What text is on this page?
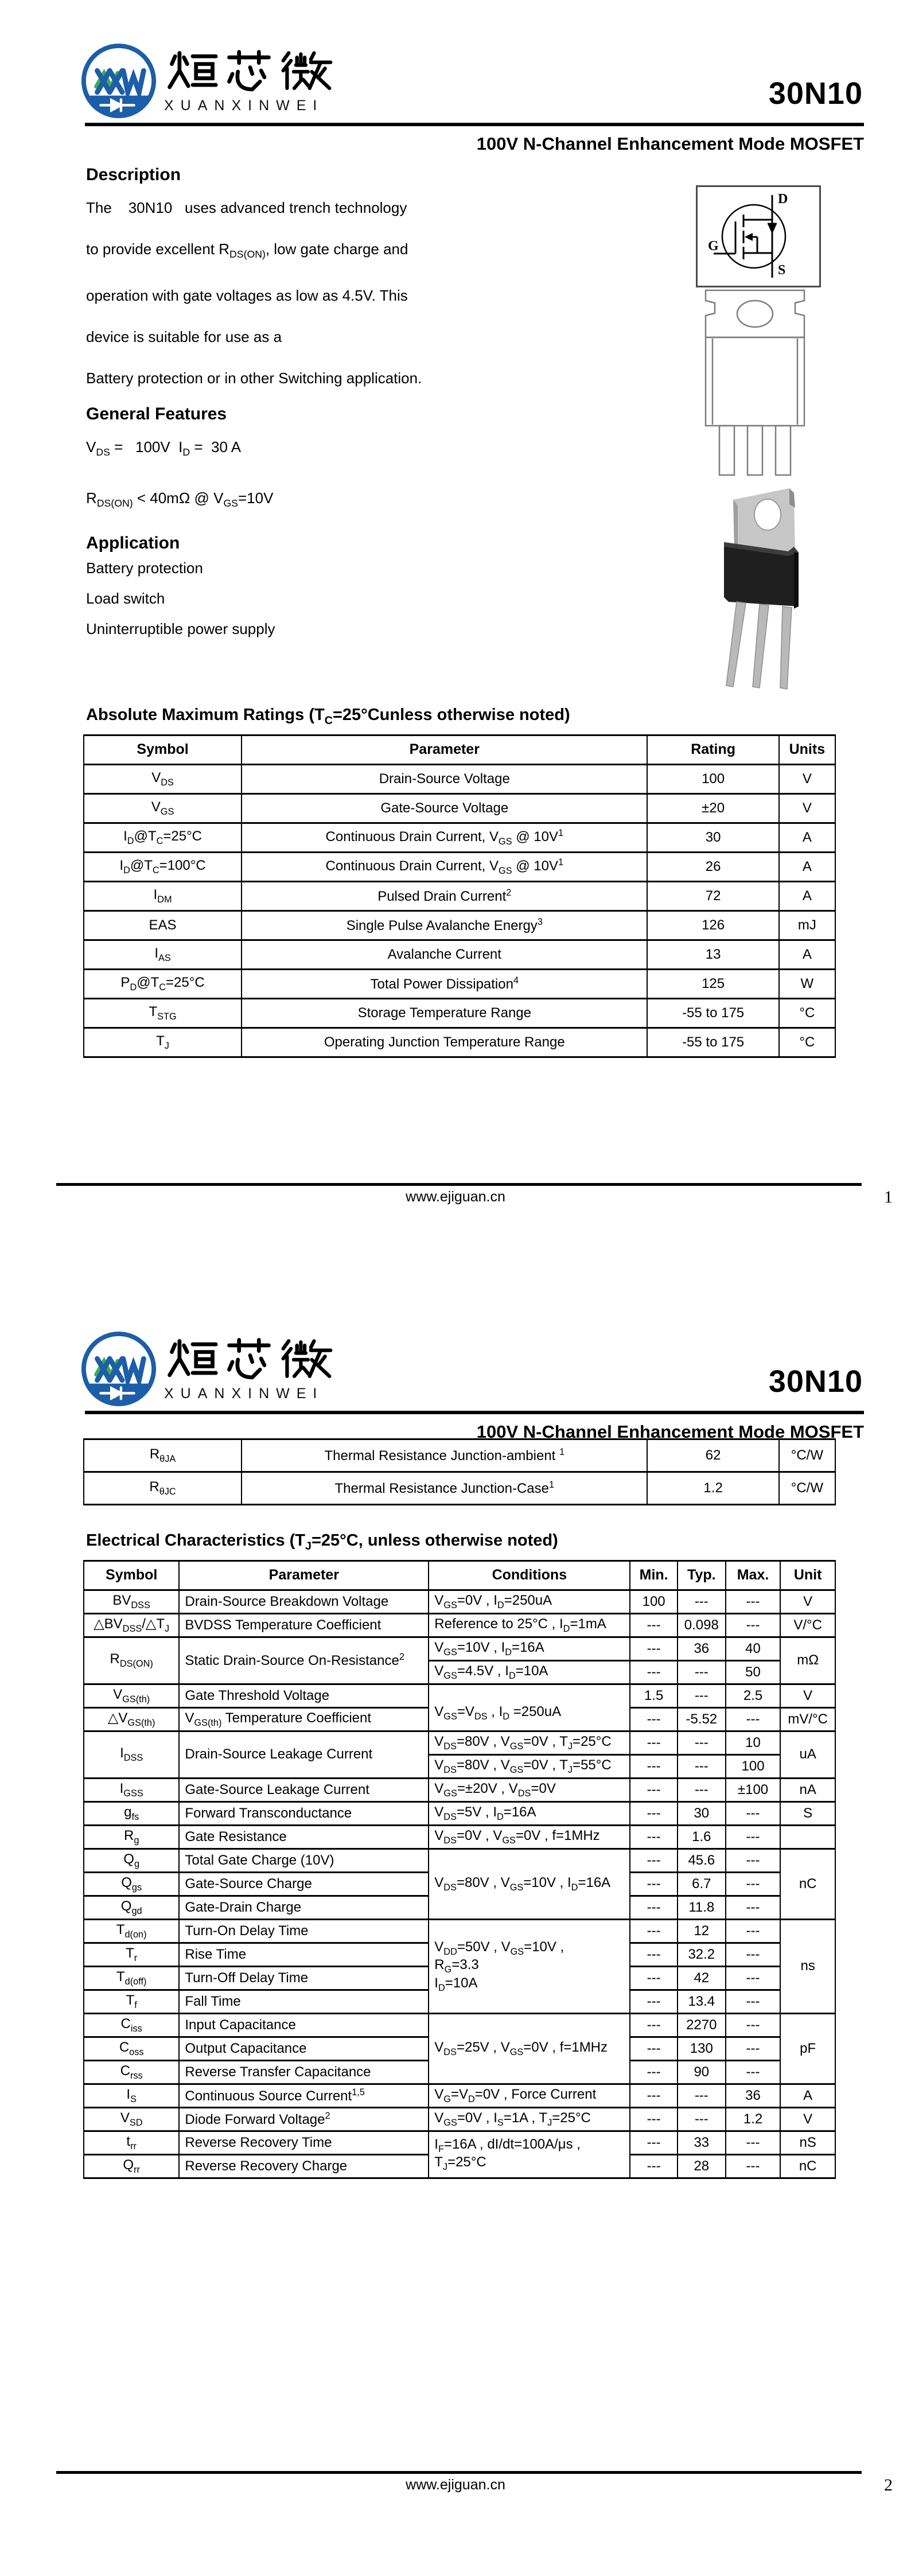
XUANXINWEI	30N10
100V N-Channel Enhancement Mode MOSFET
Description
The    30N10   uses advanced trench technology
to provide excellent $R_{DS(ON)}$, low gate charge and
operation with gate voltages as low as 4.5V. This
device is suitable for use as a
Battery protection or in other Switching application.
General Features
$V_{DS} = 100V$  $I_D = 30$ A
$R_{DS(ON)} < 40m\Omega$ @ $V_{GS}=10V$
Application
Battery protection
Load switch
Uninterruptible power supply
D
G
S
Absolute Maximum Ratings ($T_C=25^\circ Cunless$ otherwise noted)
Symbol	Parameter	Rating	Units
$V_{DS}$	Drain-Source Voltage	100	V
$V_{GS}$	Gate-Source Voltage	±20	V
$I_D@T_C=25^\circ C$	Continuous Drain Current, $V_{GS}$ @ $10V^1$	30	A
$I_D@T_C=100^\circ C$	Continuous Drain Current, $V_{GS}$ @ $10V^1$	26	A
$I_{DM}$	Pulsed Drain Current$^2$	72	A
EAS	Single Pulse Avalanche Energy$^3$	126	mJ
$I_{AS}$	Avalanche Current	13	A
$P_D@T_C=25^\circ C$	Total Power Dissipation$^4$	125	W
$T_{STG}$	Storage Temperature Range	-55 to 175	°C
$T_J$	Operating Junction Temperature Range	-55 to 175	°C
www.ejiguan.cn	1
XUANXINWEI	30N10
100V N-Channel Enhancement Mode MOSFET
$R_{\theta JA}$	Thermal Resistance Junction-ambient $^1$	62	°C/W
$R_{\theta JC}$	Thermal Resistance Junction-Case$^1$	1.2	°C/W
Electrical Characteristics ($T_J=25^\circ C$, unless otherwise noted)
Symbol	Parameter	Conditions	Min.	Typ.	Max.	Unit
$BV_{DSS}$	Drain-Source Breakdown Voltage	$V_{GS}=0V$ , $I_D=250uA$	100	---	---	V
$\triangle BV_{DSS}/\triangle T_J$	BVDSS Temperature Coefficient	Reference to 25°C , $I_D=1mA$	---	0.098	---	V/°C
$R_{DS(ON)}$	Static Drain-Source On-Resistance$^2$	$V_{GS}=10V$ , $I_D=16A$	---	36	40	mΩ
		$V_{GS}=4.5V$ , $I_D=10A$	---	---	50	
$V_{GS(th)}$	Gate Threshold Voltage	$V_{GS}=V_{DS}$ , $I_D =250uA$	1.5	---	2.5	V
$\triangle V_{GS(th)}$	$V_{GS(th)}$ Temperature Coefficient		---	-5.52	---	mV/°C
$I_{DSS}$	Drain-Source Leakage Current	$V_{DS}=80V$ , $V_{GS}=0V$ , $T_J=25^\circ C$	---	---	10	uA
		$V_{DS}=80V$ , $V_{GS}=0V$ , $T_J=55^\circ C$	---	---	100	
$I_{GSS}$	Gate-Source Leakage Current	$V_{GS}=\pm 20V$ , $V_{DS}=0V$	---	---	±100	nA
$g_{fs}$	Forward Transconductance	$V_{DS}=5V$ , $I_D=16A$	---	30	---	S
$R_g$	Gate Resistance	$V_{DS}=0V$ , $V_{GS}=0V$ , f=1MHz	---	1.6	---	
$Q_g$	Total Gate Charge (10V)	$V_{DS}=80V$ , $V_{GS}=10V$ , $I_D=16A$	---	45.6	---	nC
$Q_{gs}$	Gate-Source Charge		---	6.7	---	
$Q_{gd}$	Gate-Drain Charge		---	11.8	---	
$T_{d(on)}$	Turn-On Delay Time	$V_{DD}=50V$ , $V_{GS}=10V$ ,
$R_G=3.3$
$I_D=10A$	---	12	---	ns
$T_r$	Rise Time		---	32.2	---	
$T_{d(off)}$	Turn-Off Delay Time		---	42	---	
$T_f$	Fall Time		---	13.4	---	
$C_{iss}$	Input Capacitance	$V_{DS}=25V$ , $V_{GS}=0V$ , f=1MHz	---	2270	---	pF
$C_{oss}$	Output Capacitance		---	130	---	
$C_{rss}$	Reverse Transfer Capacitance		---	90	---	
$I_S$	Continuous Source Current$^{1,5}$	$V_G=V_D=0V$ , Force Current	---	---	36	A
$V_{SD}$	Diode Forward Voltage$^2$	$V_{GS}=0V$ , $I_S=1A$ , $T_J=25^\circ C$	---	---	1.2	V
$t_{rr}$	Reverse Recovery Time	$I_F=16A$ , dI/dt=100A/μs ,
$T_J=25^\circ C$	---	33	---	nS
$Q_{rr}$	Reverse Recovery Charge		---	28	---	nC
www.ejiguan.cn	2
